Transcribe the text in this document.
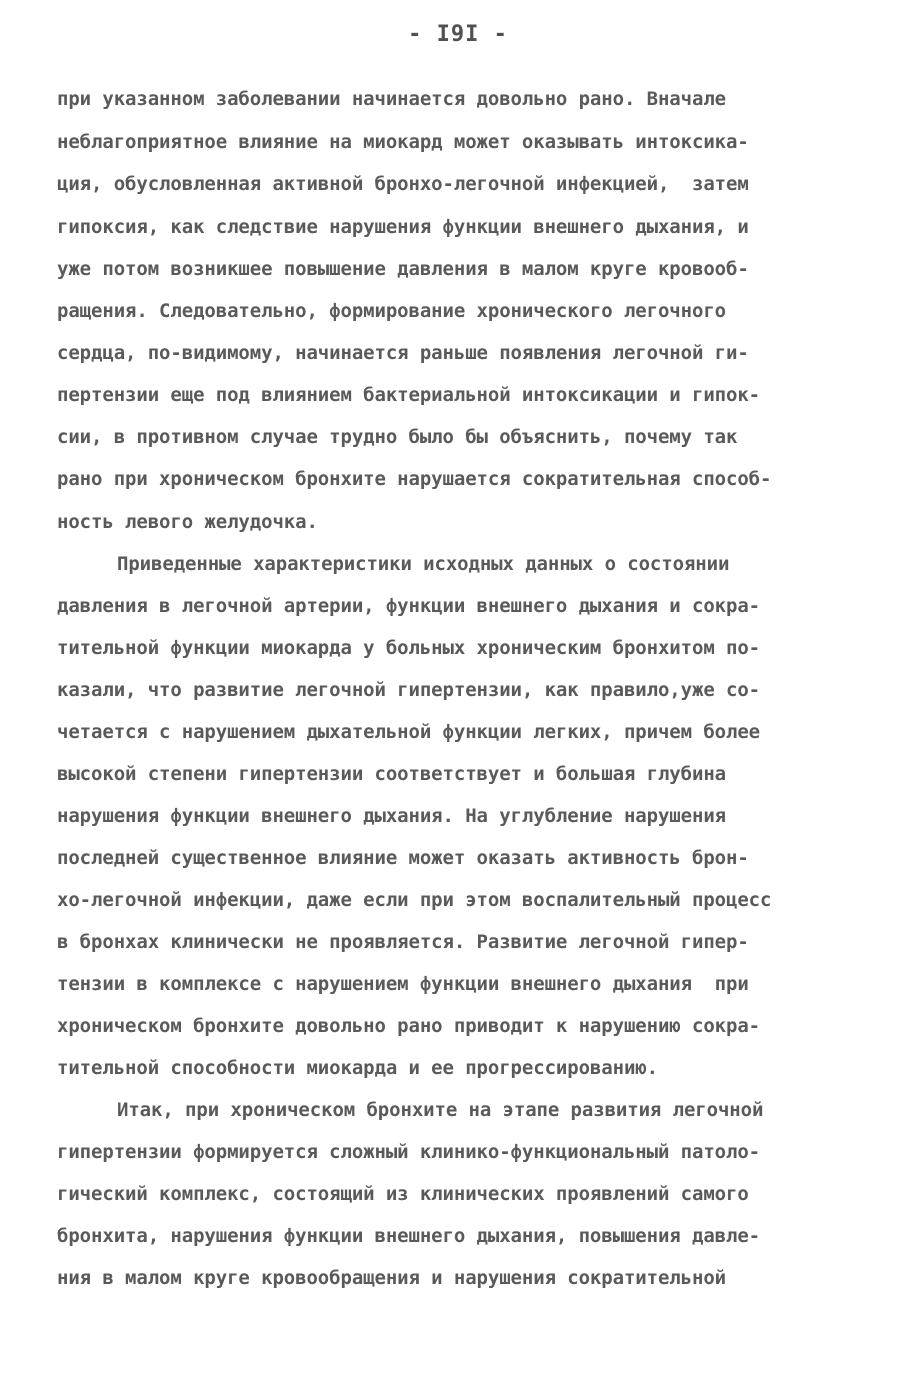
- I9I -
при указанном заболевании начинается довольно рано. Вначале
неблагоприятное влияние на миокард может оказывать интоксика-
ция, обусловленная активной бронхо-легочной инфекцией,  затем
гипоксия, как следствие нарушения функции внешнего дыхания, и
уже потом возникшее повышение давления в малом круге кровооб-
ращения. Следовательно, формирование хронического легочного
сердца, по-видимому, начинается раньше появления легочной ги-
пертензии еще под влиянием бактериальной интоксикации и гипок-
сии, в противном случае трудно было бы объяснить, почему так
рано при хроническом бронхите нарушается сократительная способ-
ность левого желудочка.
Приведенные характеристики исходных данных о состоянии
давления в легочной артерии, функции внешнего дыхания и сокра-
тительной функции миокарда у больных хроническим бронхитом по-
казали, что развитие легочной гипертензии, как правило,уже со-
четается с нарушением дыхательной функции легких, причем более
высокой степени гипертензии соответствует и большая глубина
нарушения функции внешнего дыхания. На углубление нарушения
последней существенное влияние может оказать активность брон-
хо-легочной инфекции, даже если при этом воспалительный процесс
в бронхах клинически не проявляется. Развитие легочной гипер-
тензии в комплексе с нарушением функции внешнего дыхания  при
хроническом бронхите довольно рано приводит к нарушению сокра-
тительной способности миокарда и ее прогрессированию.
Итак, при хроническом бронхите на этапе развития легочной
гипертензии формируется сложный клинико-функциональный патоло-
гический комплекс, состоящий из клинических проявлений самого
бронхита, нарушения функции внешнего дыхания, повышения давле-
ния в малом круге кровообращения и нарушения сократительной
